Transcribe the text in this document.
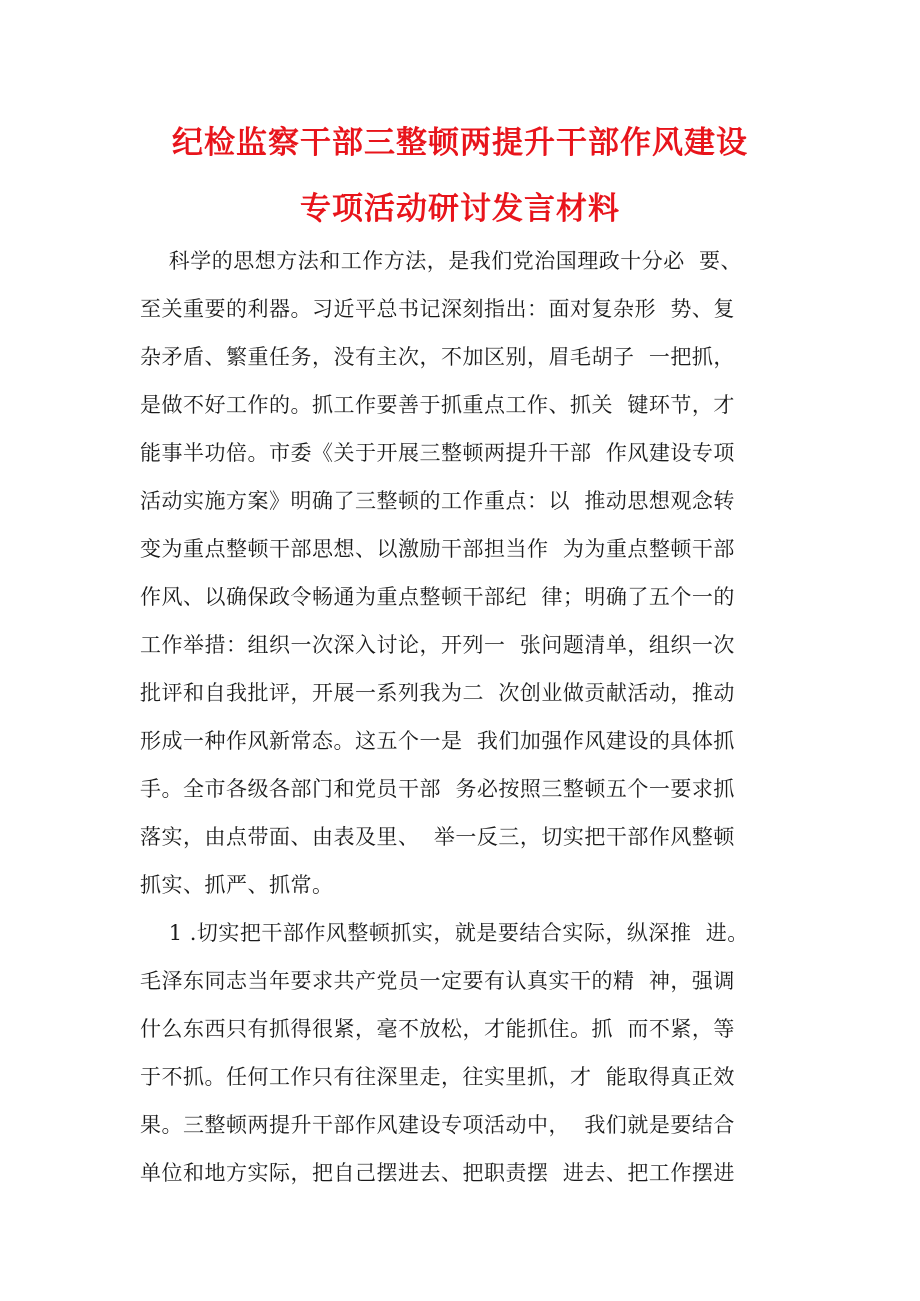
纪检监察干部三整顿两提升干部作风建设
专项活动研讨发言材料
科学的思想方法和工作方法，是我们党治国理政十分必  要、
至关重要的利器。习近平总书记深刻指出：面对复杂形  势、复
杂矛盾、繁重任务，没有主次，不加区别，眉毛胡子  一把抓，
是做不好工作的。抓工作要善于抓重点工作、抓关  键环节，才
能事半功倍。市委《关于开展三整顿两提升干部  作风建设专项
活动实施方案》明确了三整顿的工作重点：以  推动思想观念转
变为重点整顿干部思想、以激励干部担当作  为为重点整顿干部
作风、以确保政令畅通为重点整顿干部纪  律；明确了五个一的
工作举措：组织一次深入讨论，开列一  张问题清单，组织一次
批评和自我批评，开展一系列我为二  次创业做贡献活动，推动
形成一种作风新常态。这五个一是  我们加强作风建设的具体抓
手。全市各级各部门和党员干部  务必按照三整顿五个一要求抓
落实，由点带面、由表及里、  举一反三，切实把干部作风整顿
抓实、抓严、抓常。
1 .切实把干部作风整顿抓实，就是要结合实际，纵深推  进。
毛泽东同志当年要求共产党员一定要有认真实干的精  神，强调
什么东西只有抓得很紧，毫不放松，才能抓住。抓  而不紧，等
于不抓。任何工作只有往深里走，往实里抓，才  能取得真正效
果。三整顿两提升干部作风建设专项活动中，  我们就是要结合
单位和地方实际，把自己摆进去、把职责摆  进去、把工作摆进
